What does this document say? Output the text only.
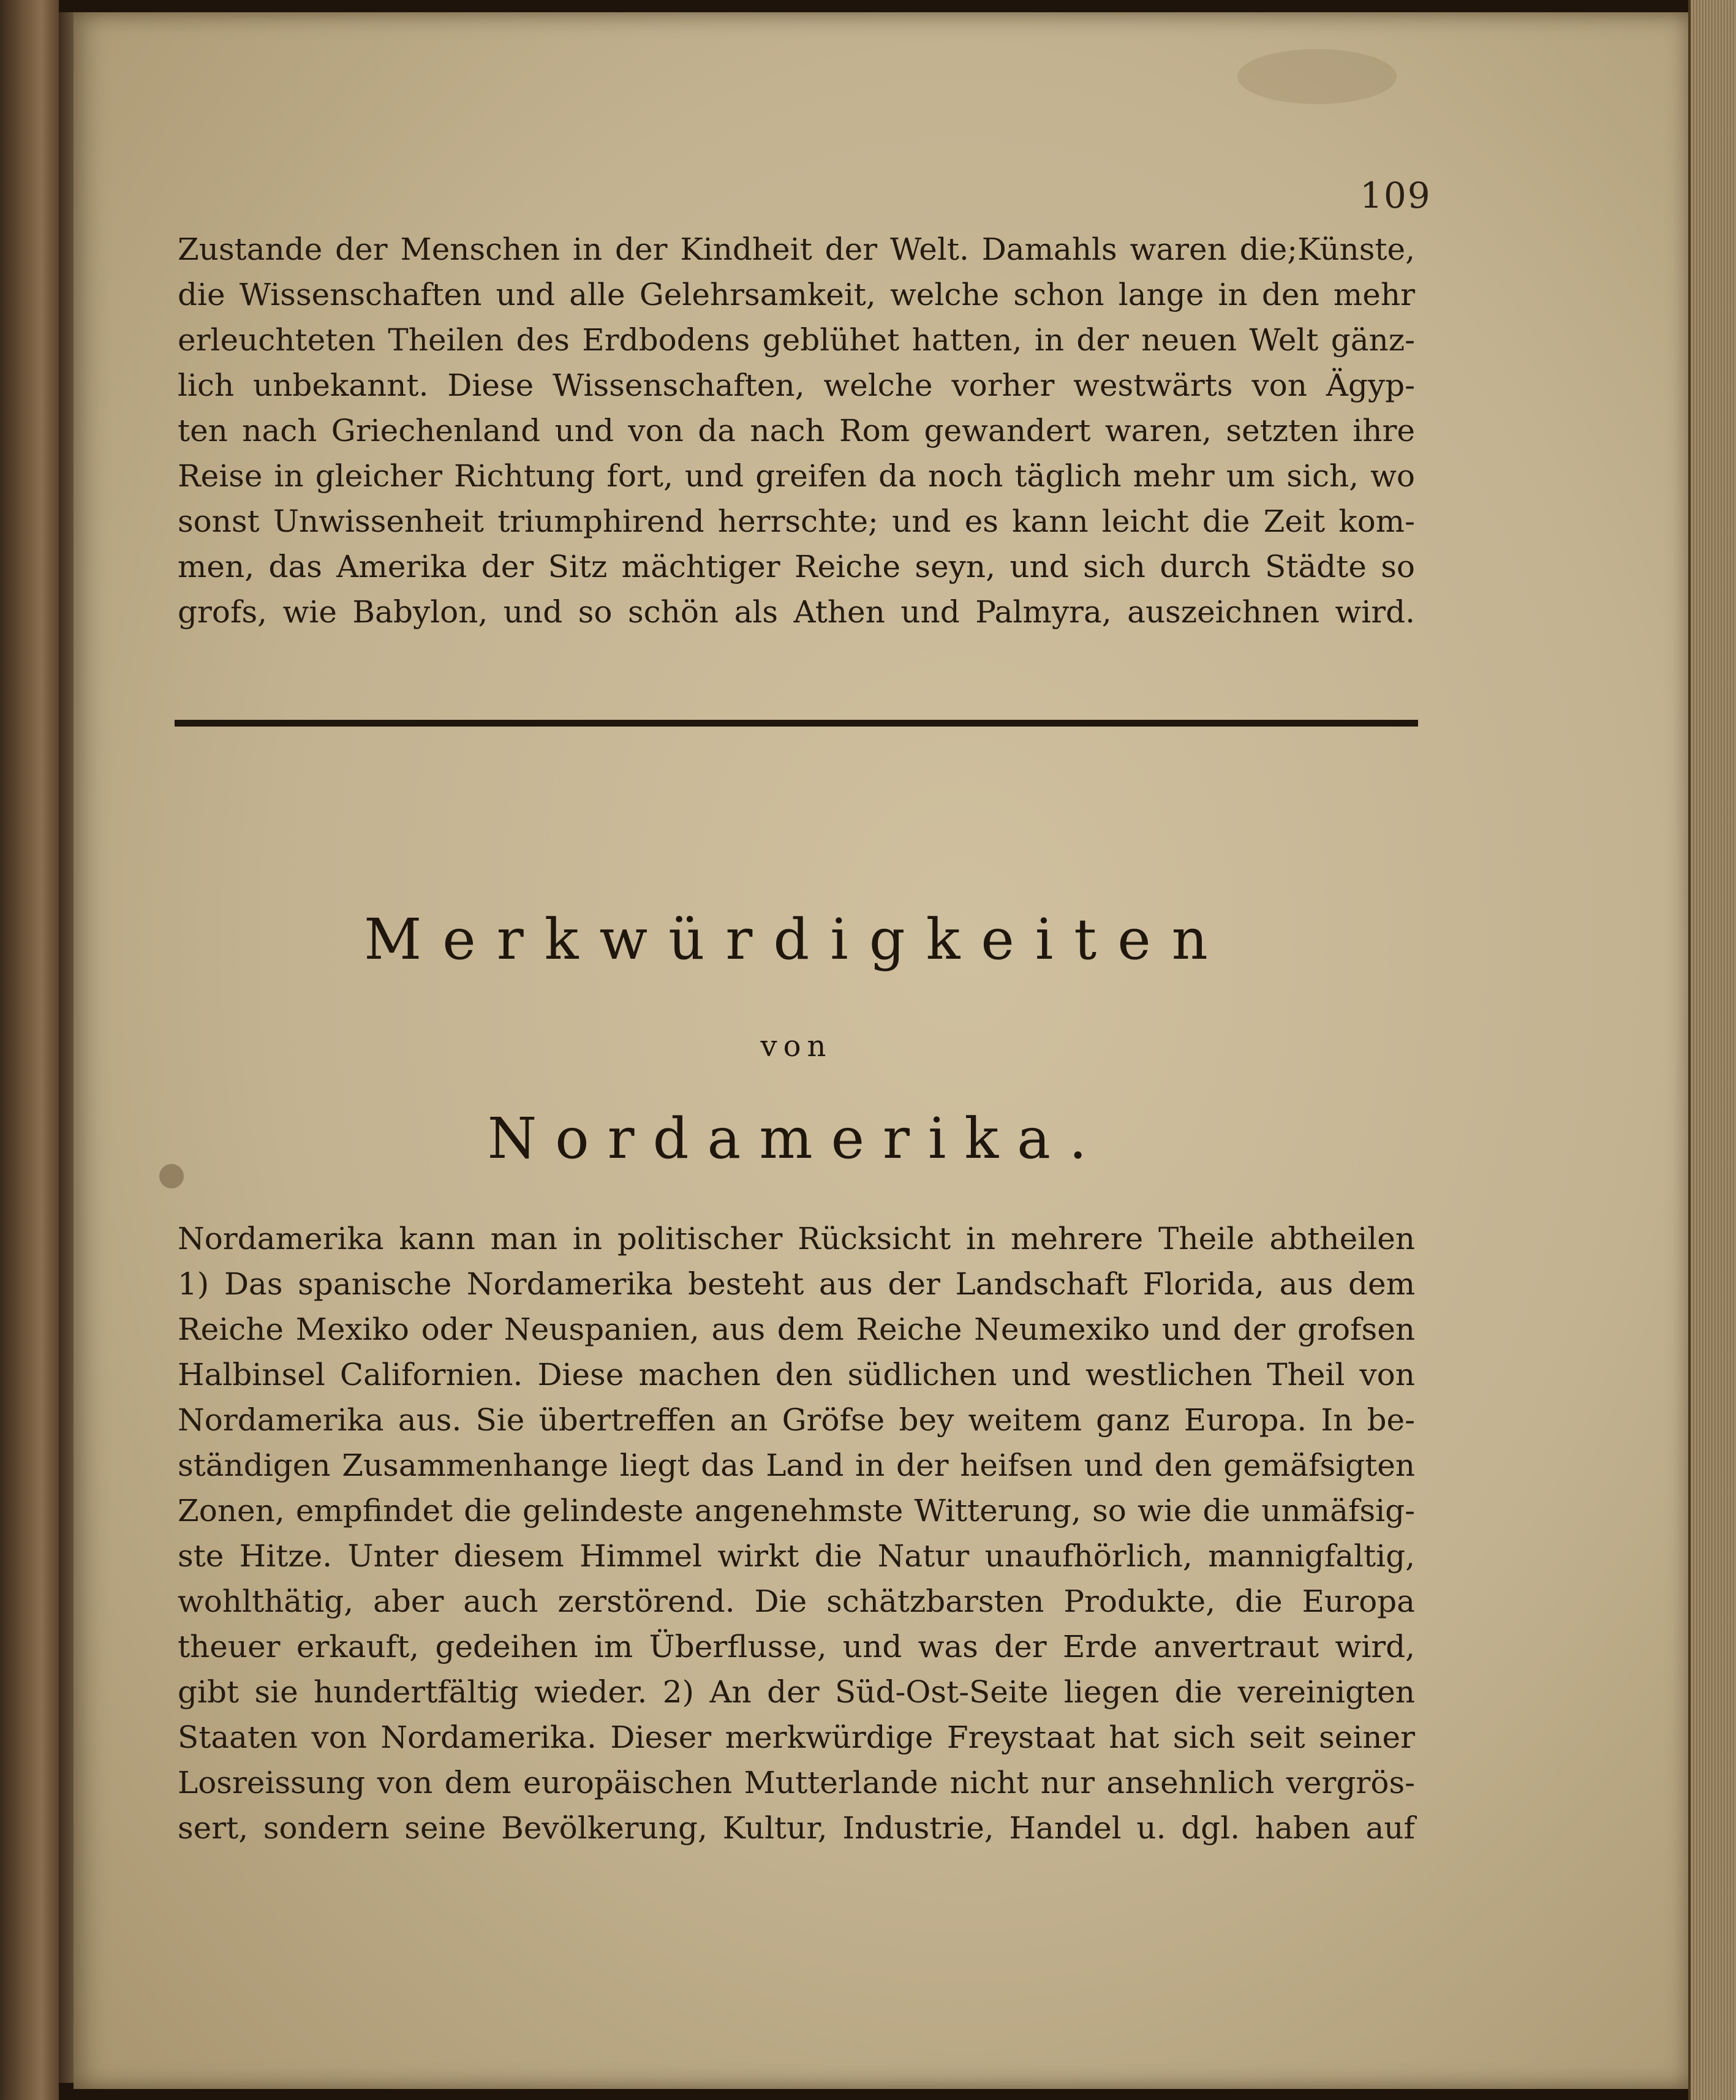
109
Zustande der Menschen in der Kindheit der Welt. Damahls waren die;Künste,
die Wissenschaften und alle Gelehrsamkeit, welche schon lange in den mehr
erleuchteten Theilen des Erdbodens geblühet hatten, in der neuen Welt gänz-
lich unbekannt. Diese Wissenschaften, welche vorher westwärts von Ägyp-
ten nach Griechenland und von da nach Rom gewandert waren, setzten ihre
Reise in gleicher Richtung fort, und greifen da noch täglich mehr um sich, wo
sonst Unwissenheit triumphirend herrschte; und es kann leicht die Zeit kom-
men, das Amerika der Sitz mächtiger Reiche seyn, und sich durch Städte so
grofs, wie Babylon, und so schön als Athen und Palmyra, auszeichnen wird.
Merkwürdigkeiten
von
Nordamerika.
Nordamerika kann man in politischer Rücksicht in mehrere Theile abtheilen
1) Das spanische Nordamerika besteht aus der Landschaft Florida, aus dem
Reiche Mexiko oder Neuspanien, aus dem Reiche Neumexiko und der grofsen
Halbinsel Californien. Diese machen den südlichen und westlichen Theil von
Nordamerika aus. Sie übertreffen an Gröfse bey weitem ganz Europa. In be-
ständigen Zusammenhange liegt das Land in der heifsen und den gemäfsigten
Zonen, empfindet die gelindeste angenehmste Witterung, so wie die unmäfsig-
ste Hitze. Unter diesem Himmel wirkt die Natur unaufhörlich, mannigfaltig,
wohlthätig, aber auch zerstörend. Die schätzbarsten Produkte, die Europa
theuer erkauft, gedeihen im Überflusse, und was der Erde anvertraut wird,
gibt sie hundertfältig wieder. 2) An der Süd-Ost-Seite liegen die vereinigten
Staaten von Nordamerika. Dieser merkwürdige Freystaat hat sich seit seiner
Losreissung von dem europäischen Mutterlande nicht nur ansehnlich vergrös-
sert, sondern seine Bevölkerung, Kultur, Industrie, Handel u. dgl. haben auf
